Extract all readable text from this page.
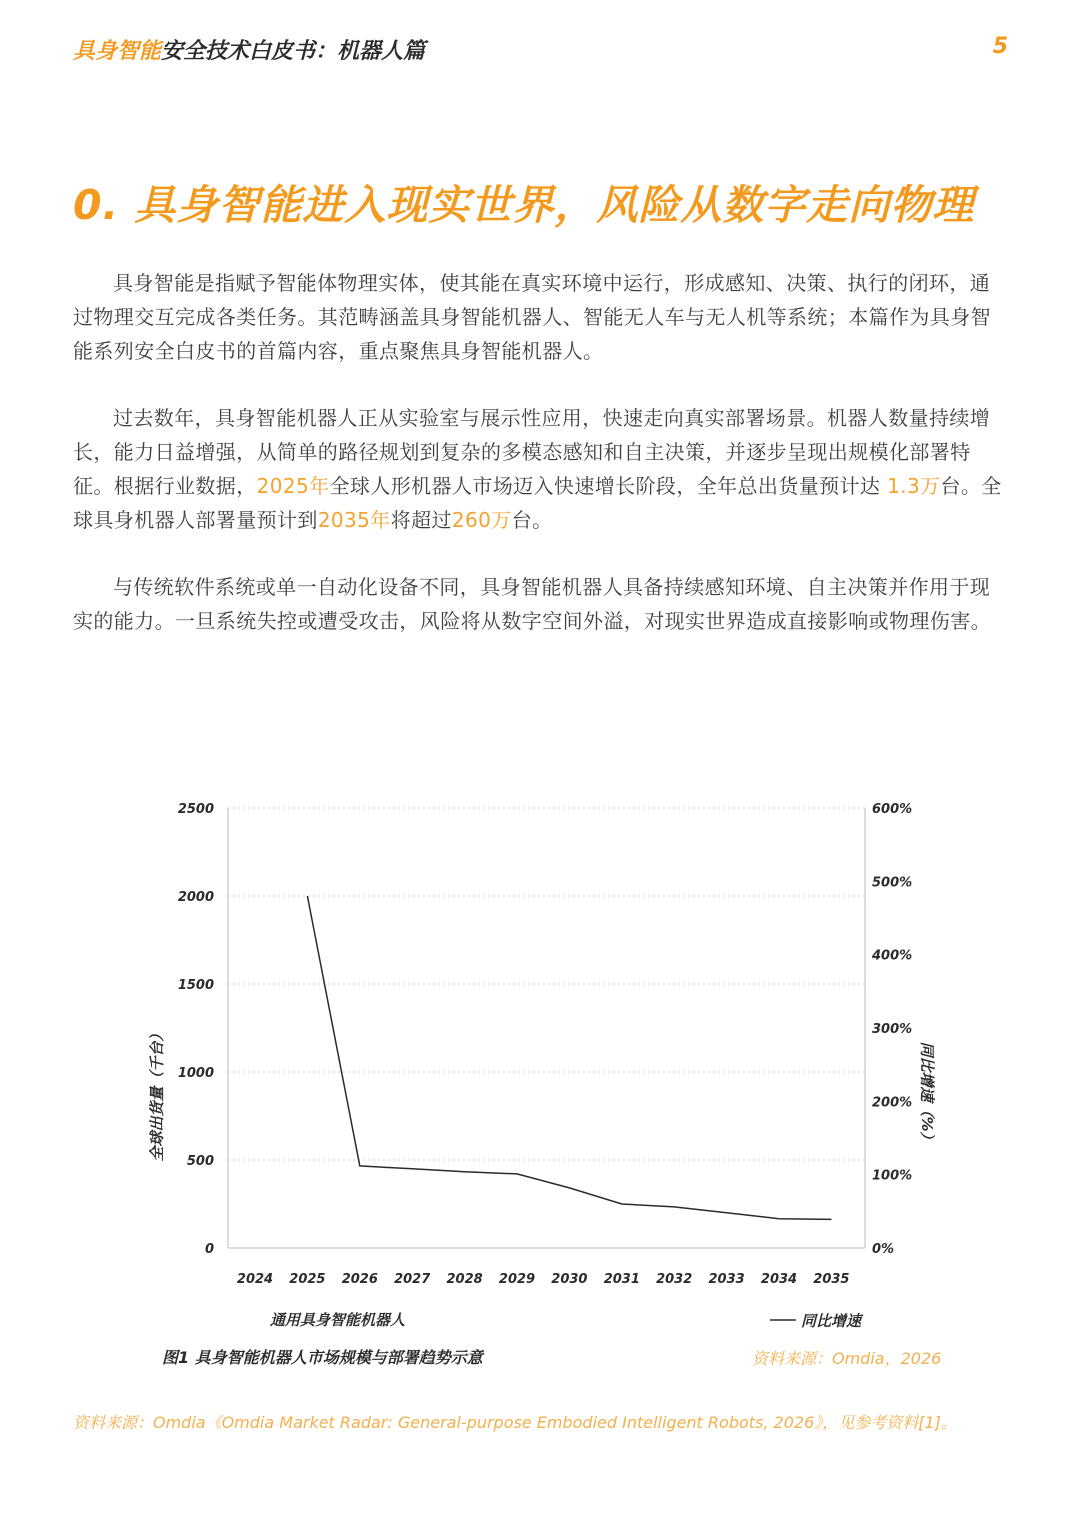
具身智能安全技术白皮书：机器人篇	5
0. 具身智能进入现实世界，风险从数字走向物理
具身智能是指赋予智能体物理实体，使其能在真实环境中运行，形成感知、决策、执行的闭环，通过物理交互完成各类任务。其范畴涵盖具身智能机器人、智能无人车与无人机等系统；本篇作为具身智能系列安全白皮书的首篇内容，重点聚焦具身智能机器人。
过去数年，具身智能机器人正从实验室与展示性应用，快速走向真实部署场景。机器人数量持续增长，能力日益增强，从简单的路径规划到复杂的多模态感知和自主决策，并逐步呈现出规模化部署特征。根据行业数据，2025年全球人形机器人市场迈入快速增长阶段，全年总出货量预计达 1.3万台。全球具身机器人部署量预计到2035年将超过260万台。
与传统软件系统或单一自动化设备不同，具身智能机器人具备持续感知环境、自主决策并作用于现实的能力。一旦系统失控或遭受攻击，风险将从数字空间外溢，对现实世界造成直接影响或物理伤害。
0
500
1000
1500
2000
2500
0%
100%
200%
300%
400%
500%
600%
2024 2025 2026 2027 2028 2029 2030 2031 2032 2033 2034 2035
全球出货量（千台）	同比增速（%）
通用具身智能机器人	同比增速
图1 具身智能机器人市场规模与部署趋势示意	资料来源：Omdia，2026
资料来源：Omdia《Omdia Market Radar: General-purpose Embodied Intelligent Robots, 2026》，见参考资料[1]。
